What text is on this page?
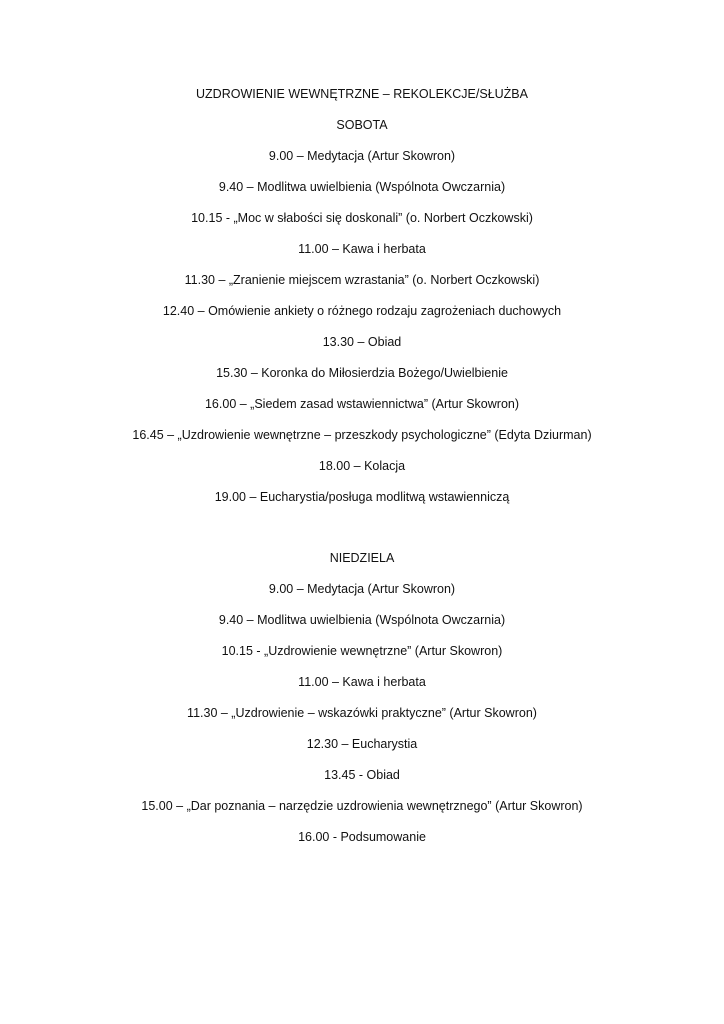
UZDROWIENIE WEWNĘTRZNE – REKOLEKCJE/SŁUŻBA
SOBOTA
9.00 – Medytacja (Artur Skowron)
9.40 – Modlitwa uwielbienia (Wspólnota Owczarnia)
10.15 - „Moc w słabości się doskonali” (o. Norbert Oczkowski)
11.00 – Kawa i herbata
11.30 – „Zranienie miejscem wzrastania” (o. Norbert Oczkowski)
12.40 – Omówienie ankiety o różnego rodzaju zagrożeniach duchowych
13.30 – Obiad
15.30 – Koronka do Miłosierdzia Bożego/Uwielbienie
16.00 – „Siedem zasad wstawiennictwa” (Artur Skowron)
16.45 – „Uzdrowienie wewnętrzne – przeszkody psychologiczne” (Edyta Dziurman)
18.00 – Kolacja
19.00 – Eucharystia/posługa modlitwą wstawienniczą
NIEDZIELA
9.00 – Medytacja (Artur Skowron)
9.40 – Modlitwa uwielbienia (Wspólnota Owczarnia)
10.15 - „Uzdrowienie wewnętrzne” (Artur Skowron)
11.00 – Kawa i herbata
11.30 – „Uzdrowienie – wskazówki praktyczne” (Artur Skowron)
12.30 – Eucharystia
13.45 - Obiad
15.00 – „Dar poznania – narzędzie uzdrowienia wewnętrznego” (Artur Skowron)
16.00 - Podsumowanie
